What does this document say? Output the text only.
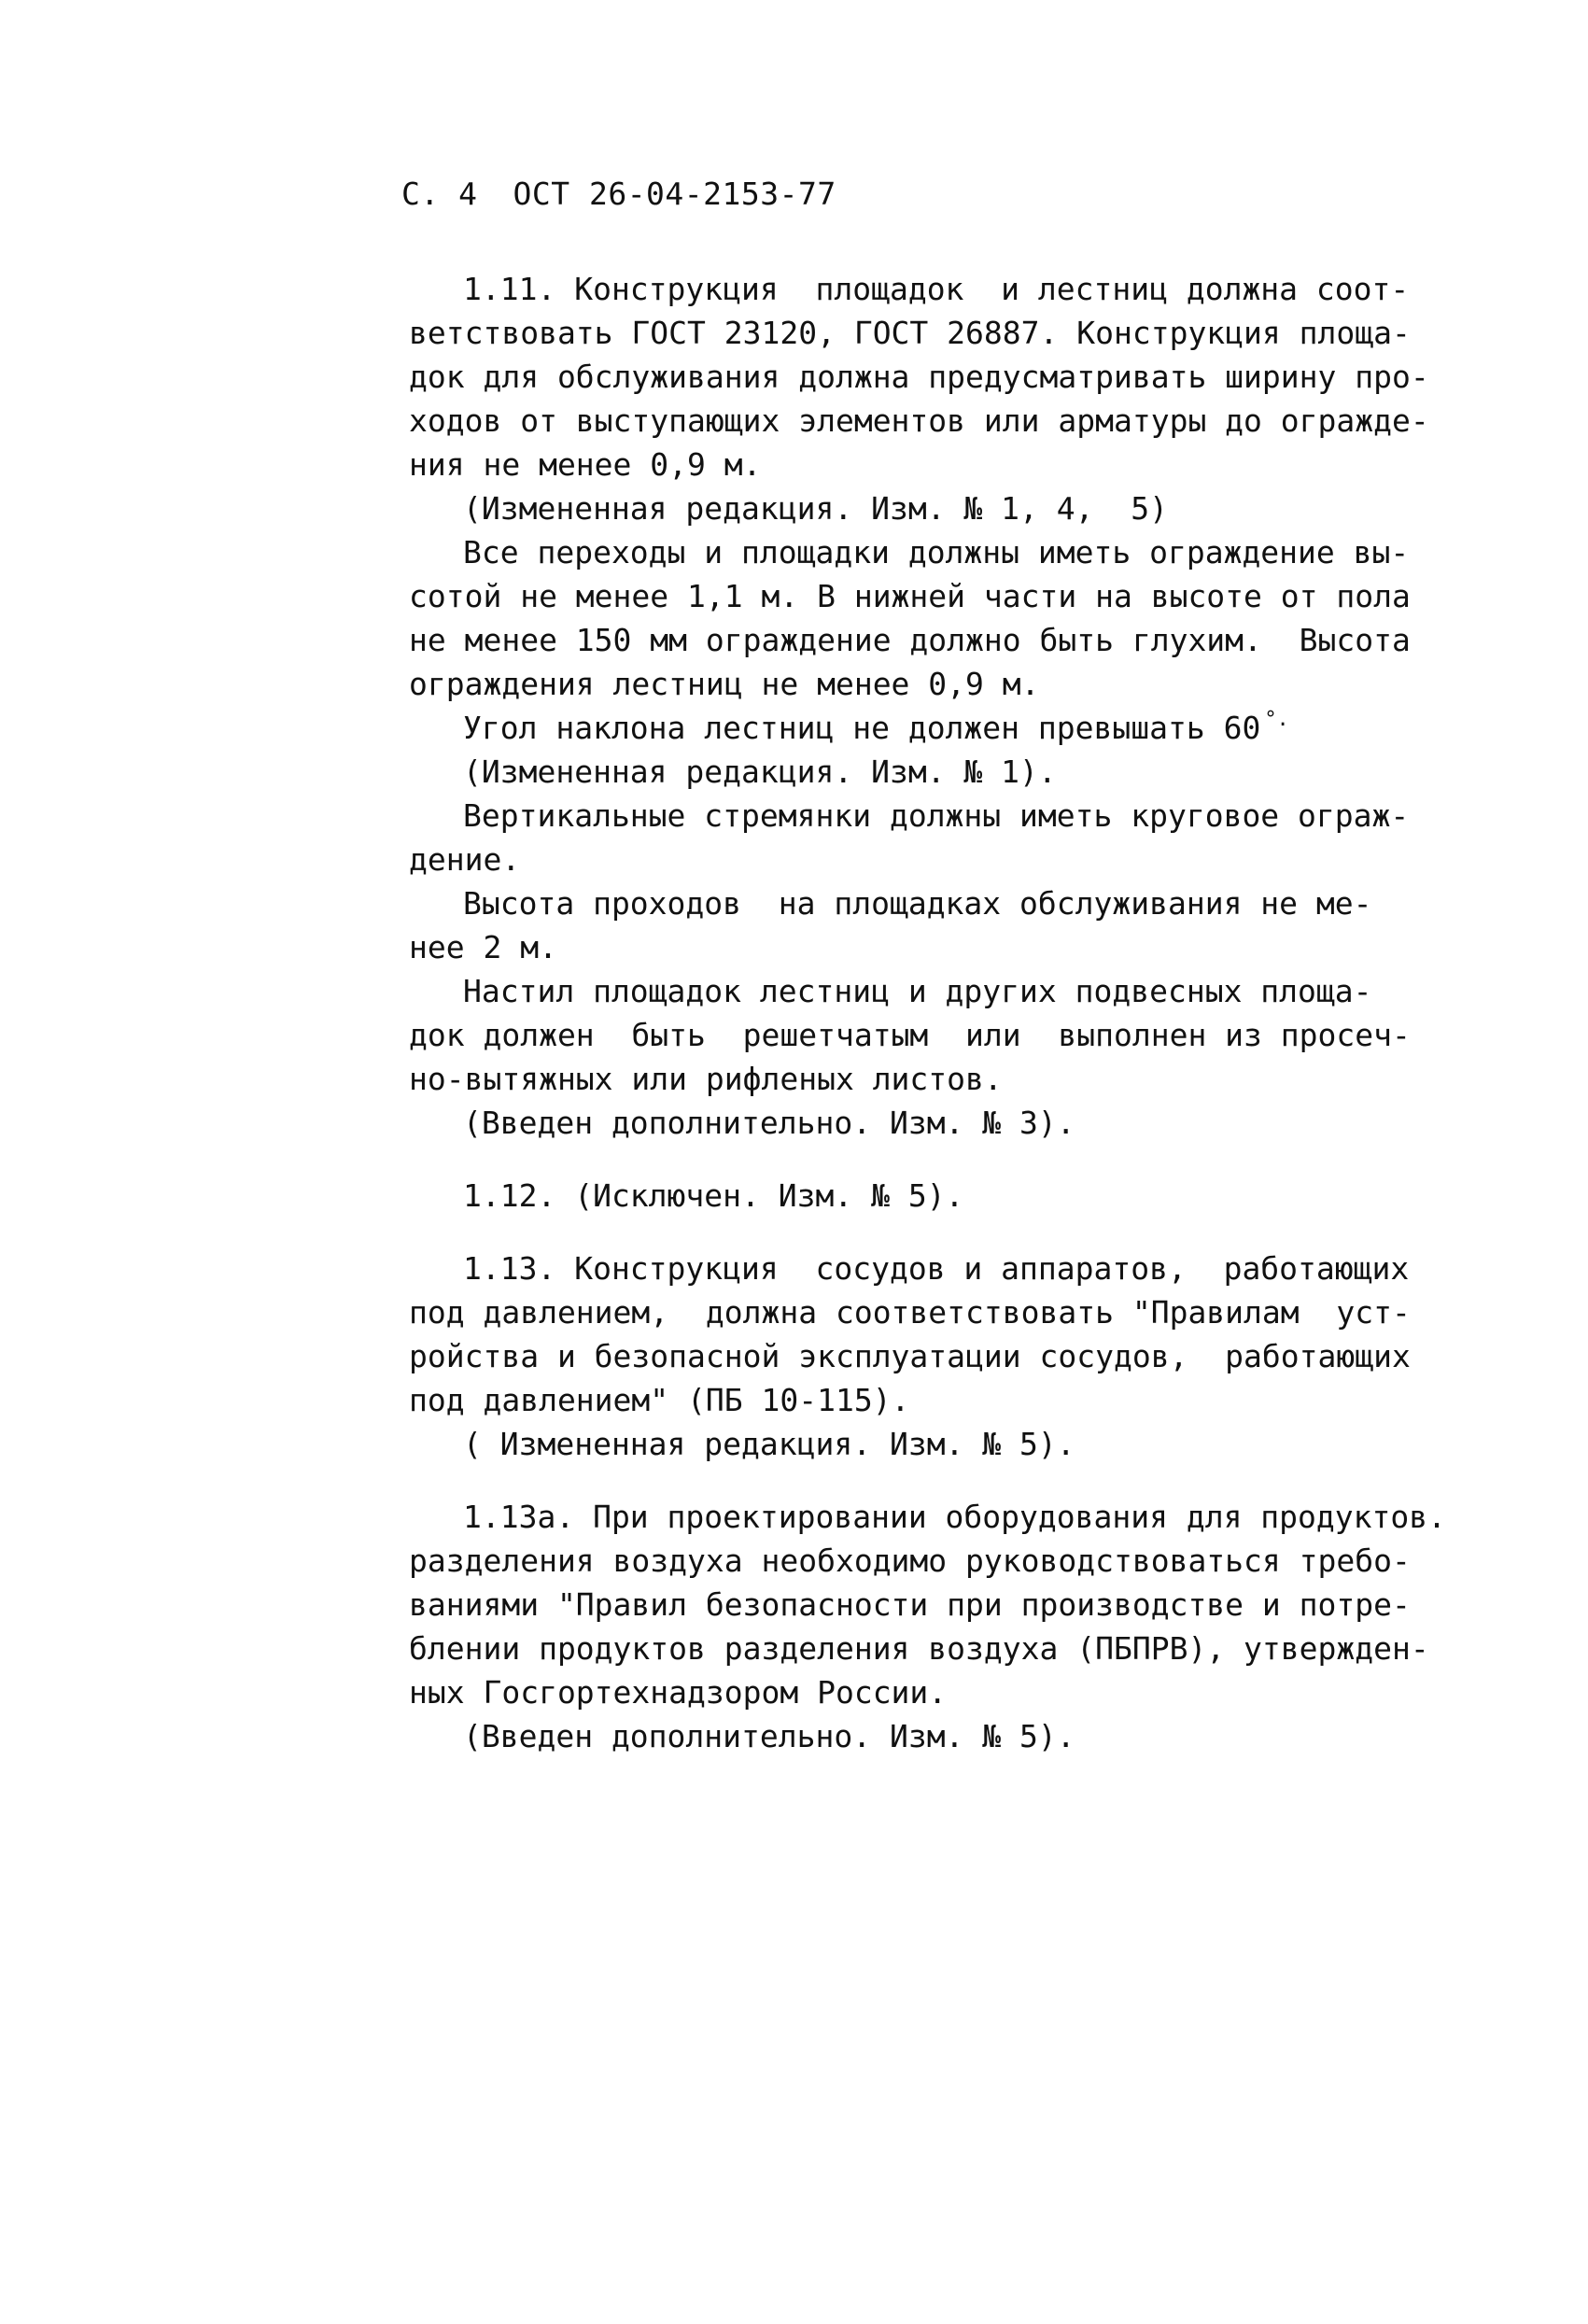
С. 4 ОСТ 26-04-2153-77
1.11. Конструкция  площадок  и лестниц должна соот-
ветствовать ГОСТ 23120, ГОСТ 26887. Конструкция площа-
док для обслуживания должна предусматривать ширину про-
ходов от выступающих элементов или арматуры до огражде-
ния не менее 0,9 м.
(Измененная редакция. Изм. № 1, 4,  5)
Все переходы и площадки должны иметь ограждение вы-
сотой не менее 1,1 м. В нижней части на высоте от пола
не менее 150 мм ограждение должно быть глухим.  Высота
ограждения лестниц не менее 0,9 м.
Угол наклона лестниц не должен превышать 60 °.
(Измененная редакция. Изм. № 1).
Вертикальные стремянки должны иметь круговое ограж-
дение.
Высота проходов  на площадках обслуживания не ме-
нее 2 м.
Настил площадок лестниц и других подвесных площа-
док должен  быть  решетчатым  или  выполнен из просеч-
но-вытяжных или рифленых листов.
(Введен дополнительно. Изм. № 3).
1.12. (Исключен. Изм. № 5).
1.13. Конструкция  сосудов и аппаратов,  работающих
под давлением,  должна соответствовать "Правилам  уст-
ройства и безопасной эксплуатации сосудов,  работающих
под давлением" (ПБ 10-115).
( Измененная редакция. Изм. № 5).
1.13а. При проектировании оборудования для продуктов.
разделения воздуха необходимо руководствоваться требо-
ваниями "Правил безопасности при производстве и потре-
блении продуктов разделения воздуха (ПБПРВ), утвержден-
ных Госгортехнадзором России.
(Введен дополнительно. Изм. № 5).
